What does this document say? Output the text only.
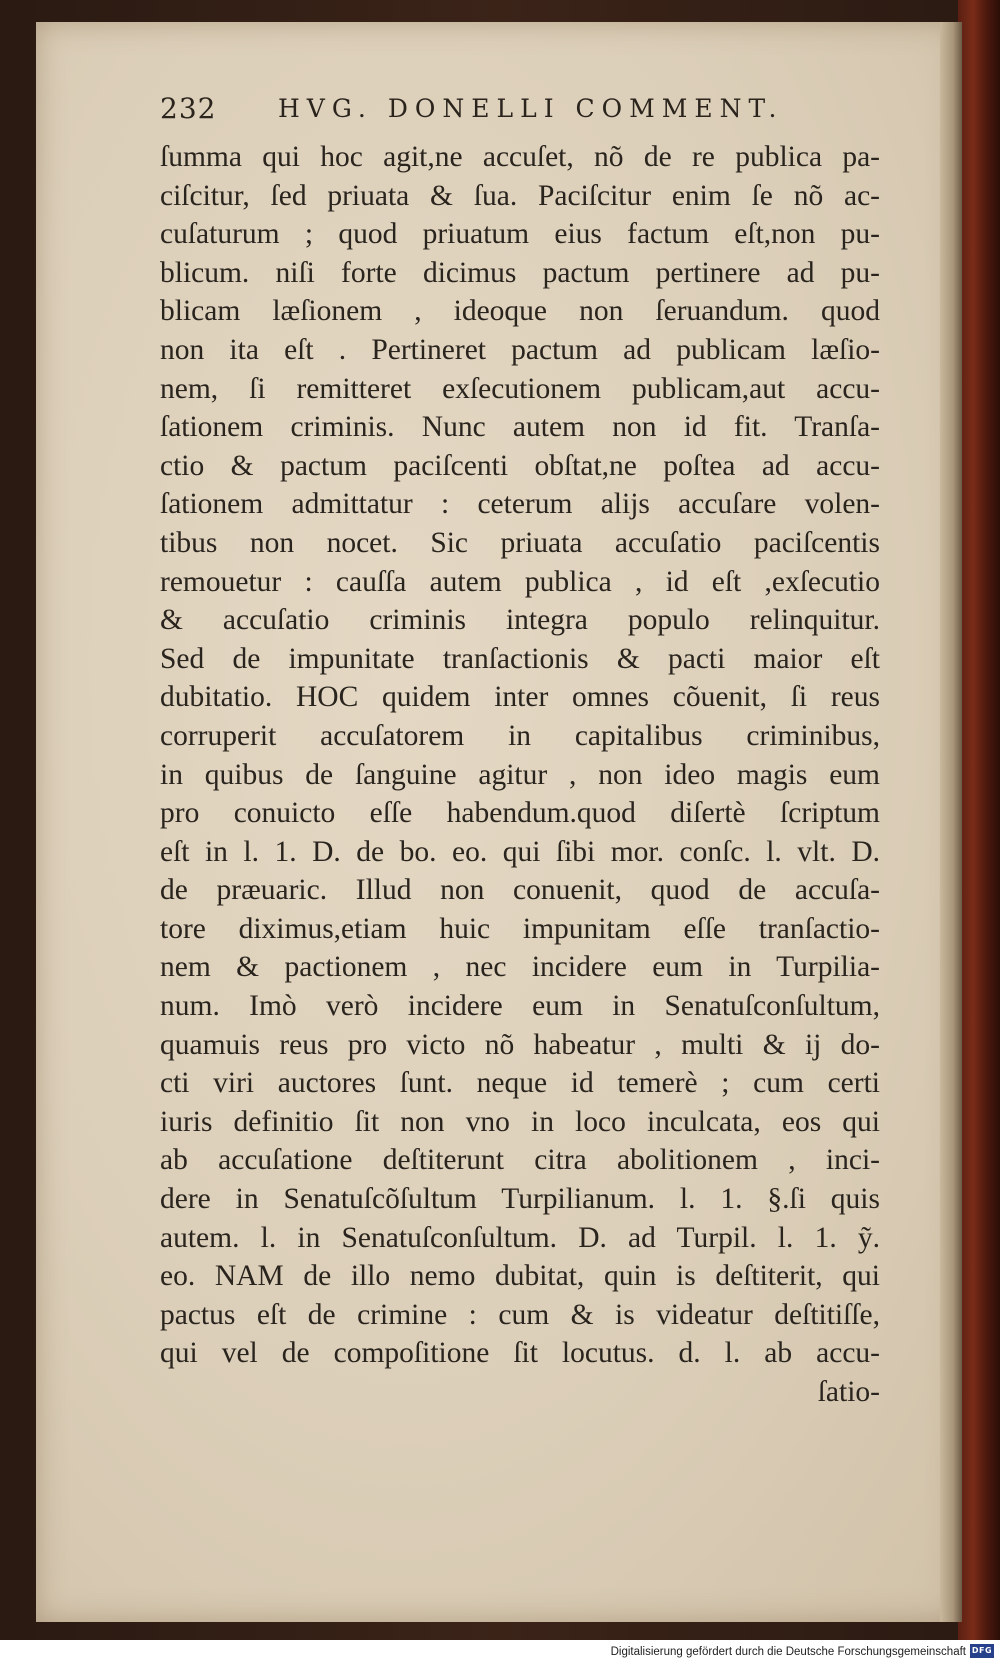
232 HVG. DONELLI COMMENT.
ſumma qui hoc agit,ne accuſet, nõ de re publica pa-
ciſcitur, ſed priuata & ſua. Paciſcitur enim ſe nõ ac-
cuſaturum ; quod priuatum eius factum eſt,non pu-
blicum. niſi forte dicimus pactum pertinere ad pu-
blicam læſionem , ideoque non ſeruandum. quod
non ita eſt . Pertineret pactum ad publicam læſio-
nem, ſi remitteret exſecutionem publicam,aut accu-
ſationem criminis. Nunc autem non id fit. Tranſa-
ctio & pactum paciſcenti obſtat,ne poſtea ad accu-
ſationem admittatur : ceterum alijs accuſare volen-
tibus non nocet. Sic priuata accuſatio paciſcentis
remouetur : cauſſa autem publica , id eſt ,exſecutio
& accuſatio criminis integra populo relinquitur.
Sed de impunitate tranſactionis & pacti maior eſt
dubitatio. HOC quidem inter omnes cõuenit, ſi reus
corruperit accuſatorem in capitalibus criminibus,
in quibus de ſanguine agitur , non ideo magis eum
pro conuicto eſſe habendum.quod diſertè ſcriptum
eſt in l. 1. D. de bo. eo. qui ſibi mor. conſc. l. vlt. D.
de præuaric. Illud non conuenit, quod de accuſa-
tore diximus,etiam huic impunitam eſſe tranſactio-
nem & pactionem , nec incidere eum in Turpilia-
num. Imò verò incidere eum in Senatuſconſultum,
quamuis reus pro victo nõ habeatur , multi & ij do-
cti viri auctores ſunt. neque id temerè ; cum certi
iuris definitio ſit non vno in loco inculcata, eos qui
ab accuſatione deſtiterunt citra abolitionem , inci-
dere in Senatuſcõſultum Turpilianum. l. 1. §.ſi quis
autem. l. in Senatuſconſultum. D. ad Turpil. l. 1. ỹ.
eo. NAM de illo nemo dubitat, quin is deſtiterit, qui
pactus eſt de crimine : cum & is videatur deſtitiſſe,
qui vel de compoſitione ſit locutus. d. l. ab accu-
ſatio-
Digitalisierung gefördert durch die Deutsche Forschungsgemeinschaft DFG
